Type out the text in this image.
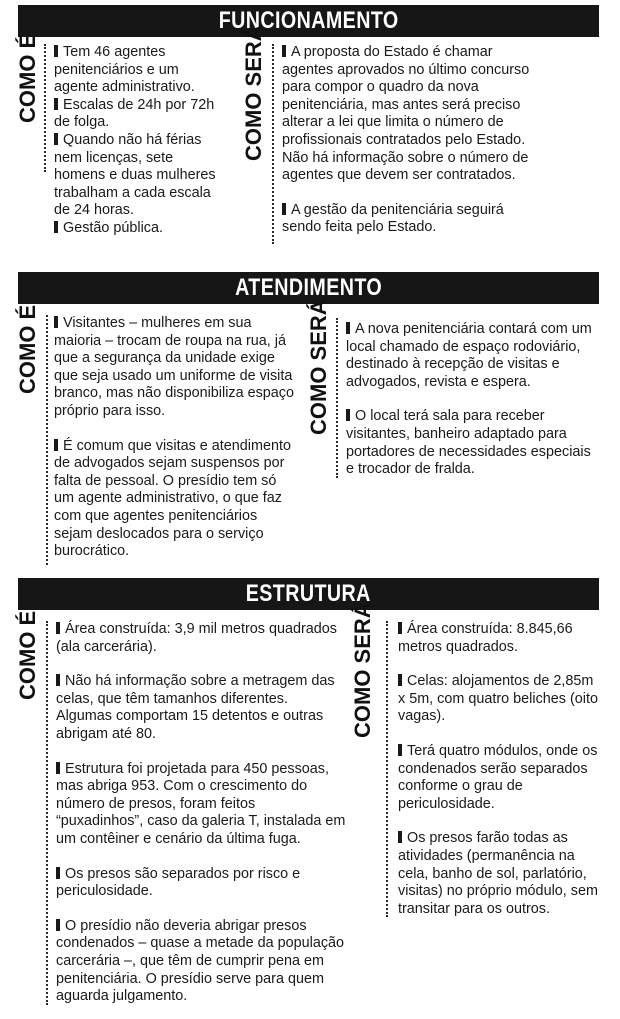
FUNCIONAMENTO
COMO É	Tem 46 agentes penitenciários e um agente administrativo.

Escalas de 24h por 72h de folga.

Quando não há férias nem licenças, sete homens e duas mulheres trabalham a cada escala de 24 horas.

Gestão pública.

COMO SERÁ	A proposta do Estado é chamar agentes aprovados no último concurso para compor o quadro da nova penitenciária, mas antes será preciso alterar a lei que limita o número de profissionais contratados pelo Estado. Não há informação sobre o número de agentes que devem ser contratados.

A gestão da penitenciária seguirá sendo feita pelo Estado.

ATENDIMENTO
COMO É	Visitantes – mulheres em sua maioria – trocam de roupa na rua, já que a segurança da unidade exige que seja usado um uniforme de visita branco, mas não disponibiliza espaço próprio para isso.

É comum que visitas e atendimento de advogados sejam suspensos por falta de pessoal. O presídio tem só um agente administrativo, o que faz com que agentes penitenciários sejam deslocados para o serviço burocrático.

COMO SERÁ	A nova penitenciária contará com um local chamado de espaço rodoviário, destinado à recepção de visitas e advogados, revista e espera.

O local terá sala para receber visitantes, banheiro adaptado para portadores de necessidades especiais e trocador de fralda.

ESTRUTURA
COMO É	Área construída: 3,9 mil metros quadrados (ala carcerária).

Não há informação sobre a metragem das celas, que têm tamanhos diferentes. Algumas comportam 15 detentos e outras abrigam até 80.

Estrutura foi projetada para 450 pessoas, mas abriga 953. Com o crescimento do número de presos, foram feitos “puxadinhos”, caso da galeria T, instalada em um contêiner e cenário da última fuga.

Os presos são separados por risco e periculosidade.

O presídio não deveria abrigar presos condenados – quase a metade da população carcerária –, que têm de cumprir pena em penitenciária. O presídio serve para quem aguarda julgamento.

COMO SERÁ	Área construída: 8.845,66 metros quadrados.

Celas: alojamentos de 2,85m x 5m, com quatro beliches (oito vagas).

Terá quatro módulos, onde os condenados serão separados conforme o grau de periculosidade.

Os presos farão todas as atividades (permanência na cela, banho de sol, parlatório, visitas) no próprio módulo, sem transitar para os outros.
